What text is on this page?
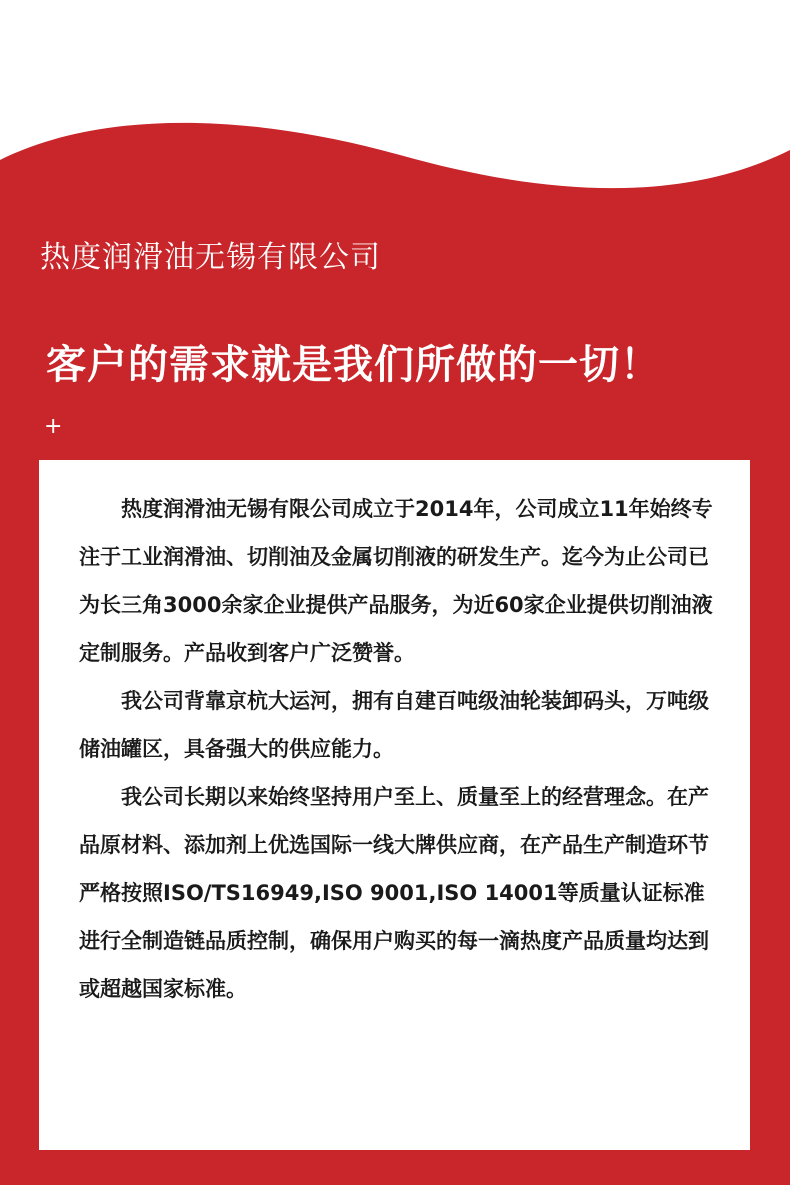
热度润滑油无锡有限公司
客户的需求就是我们所做的一切！
+

热度润滑油无锡有限公司成立于2014年，公司成立11年始终专注于工业润滑油、切削油及金属切削液的研发生产。迄今为止公司已为长三角3000余家企业提供产品服务，为近60家企业提供切削油液定制服务。产品收到客户广泛赞誉。

我公司背靠京杭大运河，拥有自建百吨级油轮装卸码头，万吨级储油罐区，具备强大的供应能力。

我公司长期以来始终坚持用户至上、质量至上的经营理念。在产品原材料、添加剂上优选国际一线大牌供应商，在产品生产制造环节严格按照ISO/TS16949,ISO 9001,ISO 14001等质量认证标准进行全制造链品质控制，确保用户购买的每一滴热度产品质量均达到或超越国家标准。
